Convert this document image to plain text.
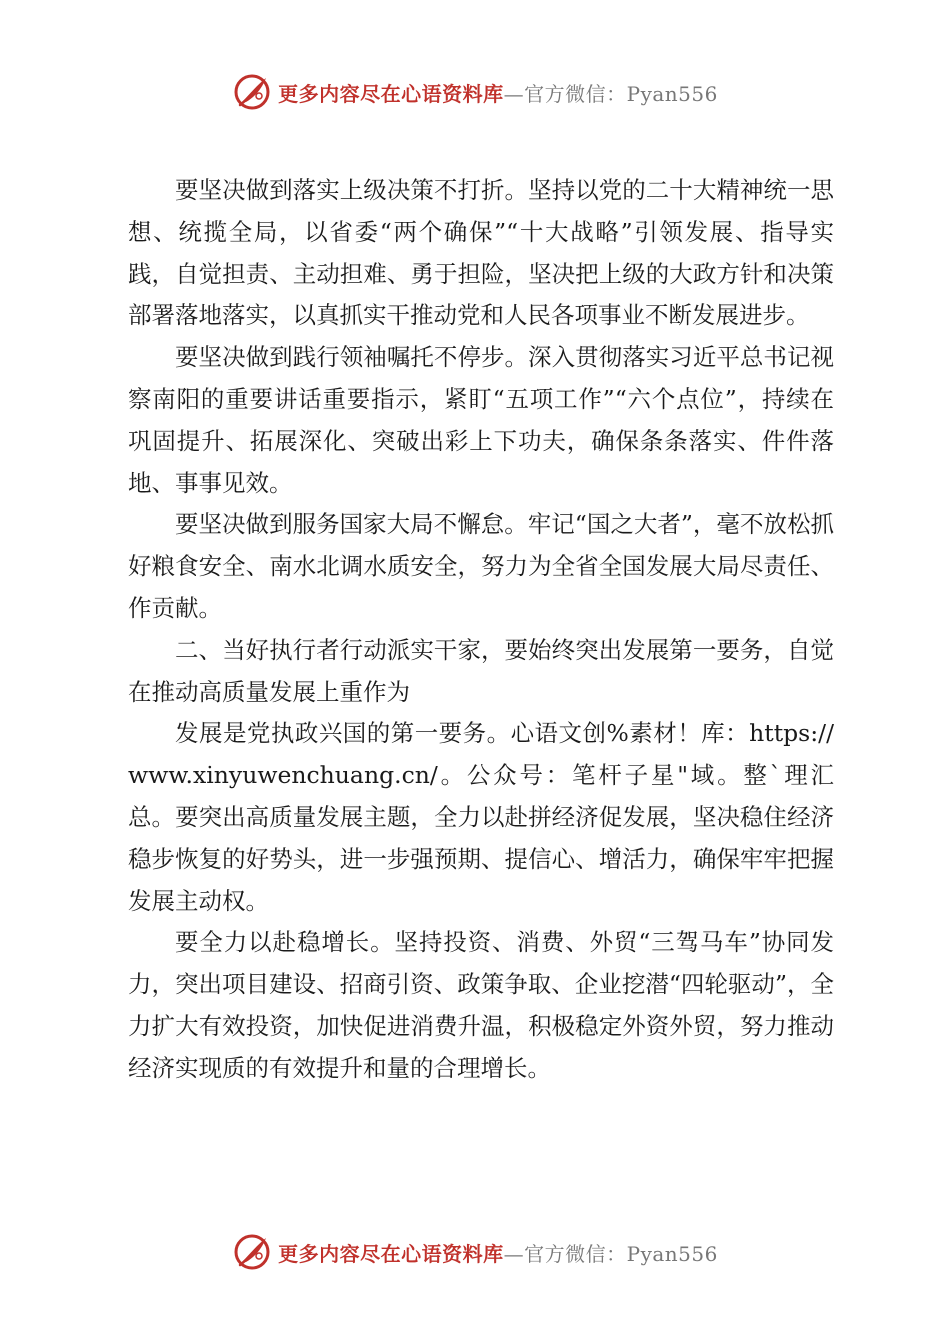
更多内容尽在心语资料库—官方微信：Pyan556

要坚决做到落实上级决策不打折。坚持以党的二十大精神统一思想、统揽全局，以省委“两个确保”“十大战略”引领发展、指导实践，自觉担责、主动担难、勇于担险，坚决把上级的大政方针和决策部署落地落实，以真抓实干推动党和人民各项事业不断发展进步。

要坚决做到践行领袖嘱托不停步。深入贯彻落实习近平总书记视察南阳的重要讲话重要指示，紧盯“五项工作”“六个点位”，持续在巩固提升、拓展深化、突破出彩上下功夫，确保条条落实、件件落地、事事见效。

要坚决做到服务国家大局不懈怠。牢记“国之大者”，毫不放松抓好粮食安全、南水北调水质安全，努力为全省全国发展大局尽责任、作贡献。

二、当好执行者行动派实干家，要始终突出发展第一要务，自觉在推动高质量发展上重作为

发展是党执政兴国的第一要务。心语文创%素材！库：https://www.xinyuwenchuang.cn/。公众号：笔杆子星"域。整`理汇总。要突出高质量发展主题，全力以赴拼经济促发展，坚决稳住经济稳步恢复的好势头，进一步强预期、提信心、增活力，确保牢牢把握发展主动权。

要全力以赴稳增长。坚持投资、消费、外贸“三驾马车”协同发力，突出项目建设、招商引资、政策争取、企业挖潜“四轮驱动”，全力扩大有效投资，加快促进消费升温，积极稳定外资外贸，努力推动经济实现质的有效提升和量的合理增长。

更多内容尽在心语资料库—官方微信：Pyan556
